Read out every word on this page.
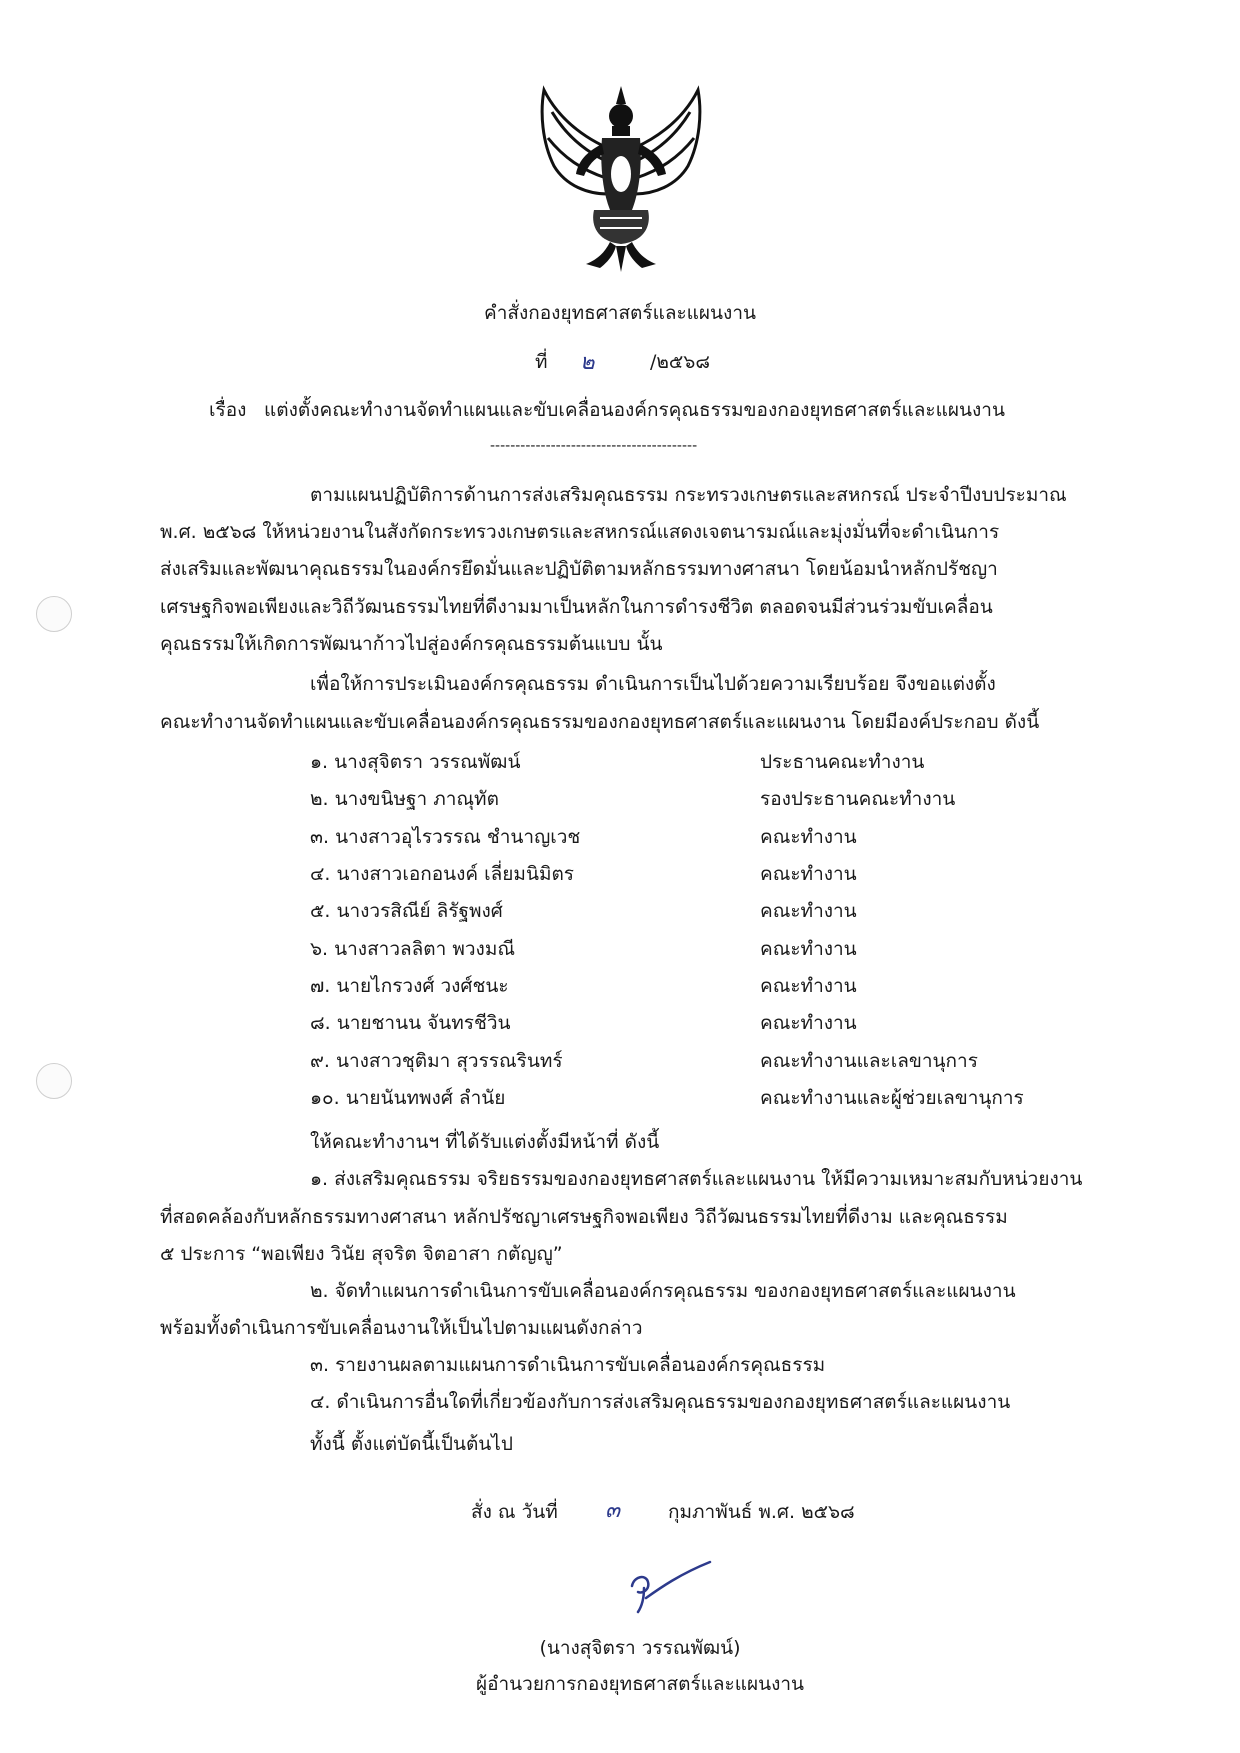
คำสั่งกองยุทธศาสตร์และแผนงาน
ที่ ๒	/๒๕๖๘
เรื่อง แต่งตั้งคณะทำงานจัดทำแผนและขับเคลื่อนองค์กรคุณธรรมของกองยุทธศาสตร์และแผนงาน
-----------------------------------------
ตามแผนปฏิบัติการด้านการส่งเสริมคุณธรรม กระทรวงเกษตรและสหกรณ์ ประจำปีงบประมาณ
พ.ศ. ๒๕๖๘ ให้หน่วยงานในสังกัดกระทรวงเกษตรและสหกรณ์แสดงเจตนารมณ์และมุ่งมั่นที่จะดำเนินการ
ส่งเสริมและพัฒนาคุณธรรมในองค์กรยึดมั่นและปฏิบัติตามหลักธรรมทางศาสนา โดยน้อมนำหลักปรัชญา
เศรษฐกิจพอเพียงและวิถีวัฒนธรรมไทยที่ดีงามมาเป็นหลักในการดำรงชีวิต ตลอดจนมีส่วนร่วมขับเคลื่อน
คุณธรรมให้เกิดการพัฒนาก้าวไปสู่องค์กรคุณธรรมต้นแบบ นั้น
เพื่อให้การประเมินองค์กรคุณธรรม ดำเนินการเป็นไปด้วยความเรียบร้อย จึงขอแต่งตั้ง
คณะทำงานจัดทำแผนและขับเคลื่อนองค์กรคุณธรรมของกองยุทธศาสตร์และแผนงาน โดยมีองค์ประกอบ ดังนี้
๑. นางสุจิตรา วรรณพัฒน์	ประธานคณะทำงาน
๒. นางขนิษฐา ภาณุทัต	รองประธานคณะทำงาน
๓. นางสาวอุไรวรรณ ชำนาญเวช	คณะทำงาน
๔. นางสาวเอกอนงค์ เลี่ยมนิมิตร	คณะทำงาน
๕. นางวรสิณีย์ ลิรัฐพงศ์	คณะทำงาน
๖. นางสาวลลิตา พวงมณี	คณะทำงาน
๗. นายไกรวงศ์ วงศ์ชนะ	คณะทำงาน
๘. นายชานน จันทรชีวิน	คณะทำงาน
๙. นางสาวชุติมา สุวรรณรินทร์	คณะทำงานและเลขานุการ
๑๐. นายนันทพงศ์ ลำนัย	คณะทำงานและผู้ช่วยเลขานุการ
ให้คณะทำงานฯ ที่ได้รับแต่งตั้งมีหน้าที่ ดังนี้
๑. ส่งเสริมคุณธรรม จริยธรรมของกองยุทธศาสตร์และแผนงาน ให้มีความเหมาะสมกับหน่วยงาน
ที่สอดคล้องกับหลักธรรมทางศาสนา หลักปรัชญาเศรษฐกิจพอเพียง วิถีวัฒนธรรมไทยที่ดีงาม และคุณธรรม
๕ ประการ “พอเพียง วินัย สุจริต จิตอาสา กตัญญู”
๒. จัดทำแผนการดำเนินการขับเคลื่อนองค์กรคุณธรรม ของกองยุทธศาสตร์และแผนงาน
พร้อมทั้งดำเนินการขับเคลื่อนงานให้เป็นไปตามแผนดังกล่าว
๓. รายงานผลตามแผนการดำเนินการขับเคลื่อนองค์กรคุณธรรม
๔. ดำเนินการอื่นใดที่เกี่ยวข้องกับการส่งเสริมคุณธรรมของกองยุทธศาสตร์และแผนงาน
ทั้งนี้ ตั้งแต่บัดนี้เป็นต้นไป
สั่ง ณ วันที่ ๓	กุมภาพันธ์ พ.ศ. ๒๕๖๘
(นางสุจิตรา วรรณพัฒน์)
ผู้อำนวยการกองยุทธศาสตร์และแผนงาน
